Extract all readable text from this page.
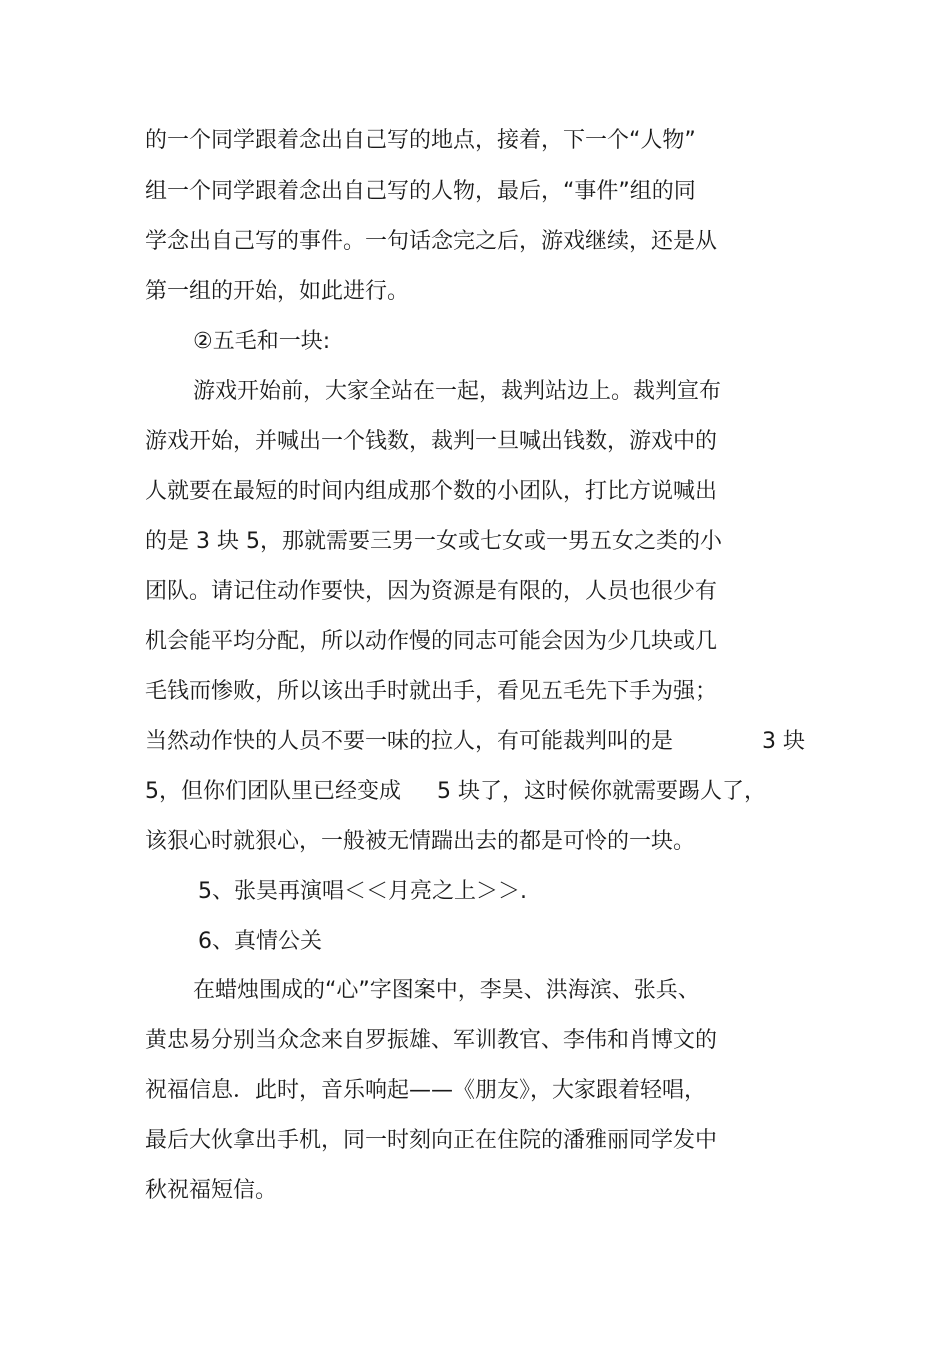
的一个同学跟着念出自己写的地点，接着，下一个“人物”
组一个同学跟着念出自己写的人物，最后，“事件”组的同
学念出自己写的事件。一句话念完之后，游戏继续，还是从
第一组的开始，如此进行。
②五毛和一块:
游戏开始前，大家全站在一起，裁判站边上。裁判宣布
游戏开始，并喊出一个钱数，裁判一旦喊出钱数，游戏中的
人就要在最短的时间内组成那个数的小团队，打比方说喊出
的是 3 块 5，那就需要三男一女或七女或一男五女之类的小
团队。请记住动作要快，因为资源是有限的，人员也很少有
机会能平均分配，所以动作慢的同志可能会因为少几块或几
毛钱而惨败，所以该出手时就出手，看见五毛先下手为强；
当然动作快的人员不要一味的拉人，有可能裁判叫的是	3 块
5，但你们团队里已经变成 5 块了，这时候你就需要踢人了，
该狠心时就狠心，一般被无情踹出去的都是可怜的一块。
5、张昊再演唱＜＜月亮之上＞＞.
6、真情公关
在蜡烛围成的“心”字图案中，李昊、洪海滨、张兵、
黄忠易分别当众念来自罗振雄、军训教官、李伟和肖博文的
祝福信息．此时，音乐响起——《朋友》，大家跟着轻唱，
最后大伙拿出手机，同一时刻向正在住院的潘雅丽同学发中
秋祝福短信。
